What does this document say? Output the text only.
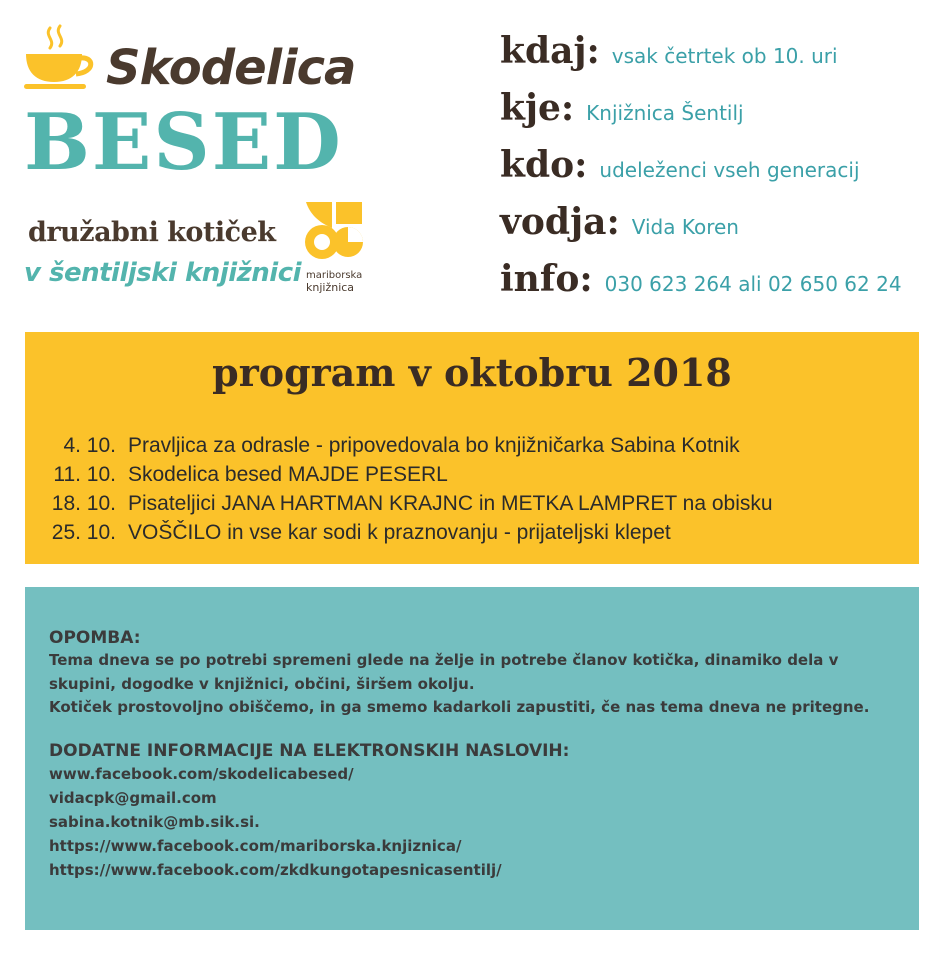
Skodelica
BESED
družabni kotiček
v šentiljski knjižnici mariborska
knjižnica
kdaj: vsak četrtek ob 10. uri
kje: Knjižnica Šentilj
kdo: udeleženci vseh generacij
vodja: Vida Koren
info: 030 623 264 ali 02 650 62 24
program v oktobru 2018
4. 10. Pravljica za odrasle - pripovedovala bo knjižničarka Sabina Kotnik
11. 10. Skodelica besed MAJDE PESERL
18. 10. Pisateljici JANA HARTMAN KRAJNC in METKA LAMPRET na obisku
25. 10. VOŠČILO in vse kar sodi k praznovanju - prijateljski klepet

OPOMBA:

Tema dneva se po potrebi spremeni glede na želje in potrebe članov kotička, dinamiko dela v

skupini, dogodke v knjižnici, občini, širšem okolju.

Kotiček prostovoljno obiščemo, in ga smemo kadarkoli zapustiti, če nas tema dneva ne pritegne.

DODATNE INFORMACIJE NA ELEKTRONSKIH NASLOVIH:

www.facebook.com/skodelicabesed/

vidacpk@gmail.com

sabina.kotnik@mb.sik.si.

https://www.facebook.com/mariborska.knjiznica/

https://www.facebook.com/zkdkungotapesnicasentilj/
